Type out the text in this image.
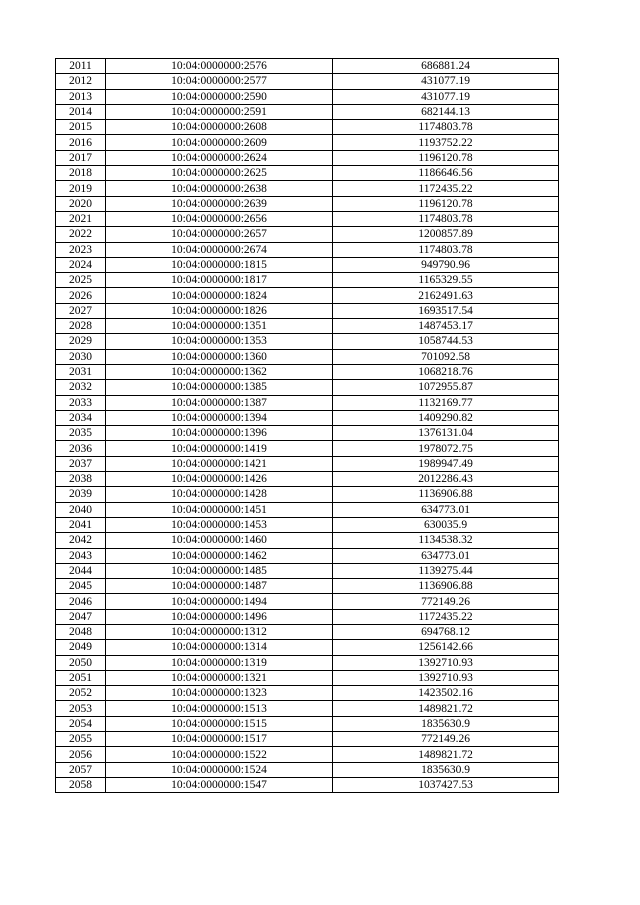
2011	10:04:0000000:2576	686881.24
2012	10:04:0000000:2577	431077.19
2013	10:04:0000000:2590	431077.19
2014	10:04:0000000:2591	682144.13
2015	10:04:0000000:2608	1174803.78
2016	10:04:0000000:2609	1193752.22
2017	10:04:0000000:2624	1196120.78
2018	10:04:0000000:2625	1186646.56
2019	10:04:0000000:2638	1172435.22
2020	10:04:0000000:2639	1196120.78
2021	10:04:0000000:2656	1174803.78
2022	10:04:0000000:2657	1200857.89
2023	10:04:0000000:2674	1174803.78
2024	10:04:0000000:1815	949790.96
2025	10:04:0000000:1817	1165329.55
2026	10:04:0000000:1824	2162491.63
2027	10:04:0000000:1826	1693517.54
2028	10:04:0000000:1351	1487453.17
2029	10:04:0000000:1353	1058744.53
2030	10:04:0000000:1360	701092.58
2031	10:04:0000000:1362	1068218.76
2032	10:04:0000000:1385	1072955.87
2033	10:04:0000000:1387	1132169.77
2034	10:04:0000000:1394	1409290.82
2035	10:04:0000000:1396	1376131.04
2036	10:04:0000000:1419	1978072.75
2037	10:04:0000000:1421	1989947.49
2038	10:04:0000000:1426	2012286.43
2039	10:04:0000000:1428	1136906.88
2040	10:04:0000000:1451	634773.01
2041	10:04:0000000:1453	630035.9
2042	10:04:0000000:1460	1134538.32
2043	10:04:0000000:1462	634773.01
2044	10:04:0000000:1485	1139275.44
2045	10:04:0000000:1487	1136906.88
2046	10:04:0000000:1494	772149.26
2047	10:04:0000000:1496	1172435.22
2048	10:04:0000000:1312	694768.12
2049	10:04:0000000:1314	1256142.66
2050	10:04:0000000:1319	1392710.93
2051	10:04:0000000:1321	1392710.93
2052	10:04:0000000:1323	1423502.16
2053	10:04:0000000:1513	1489821.72
2054	10:04:0000000:1515	1835630.9
2055	10:04:0000000:1517	772149.26
2056	10:04:0000000:1522	1489821.72
2057	10:04:0000000:1524	1835630.9
2058	10:04:0000000:1547	1037427.53
